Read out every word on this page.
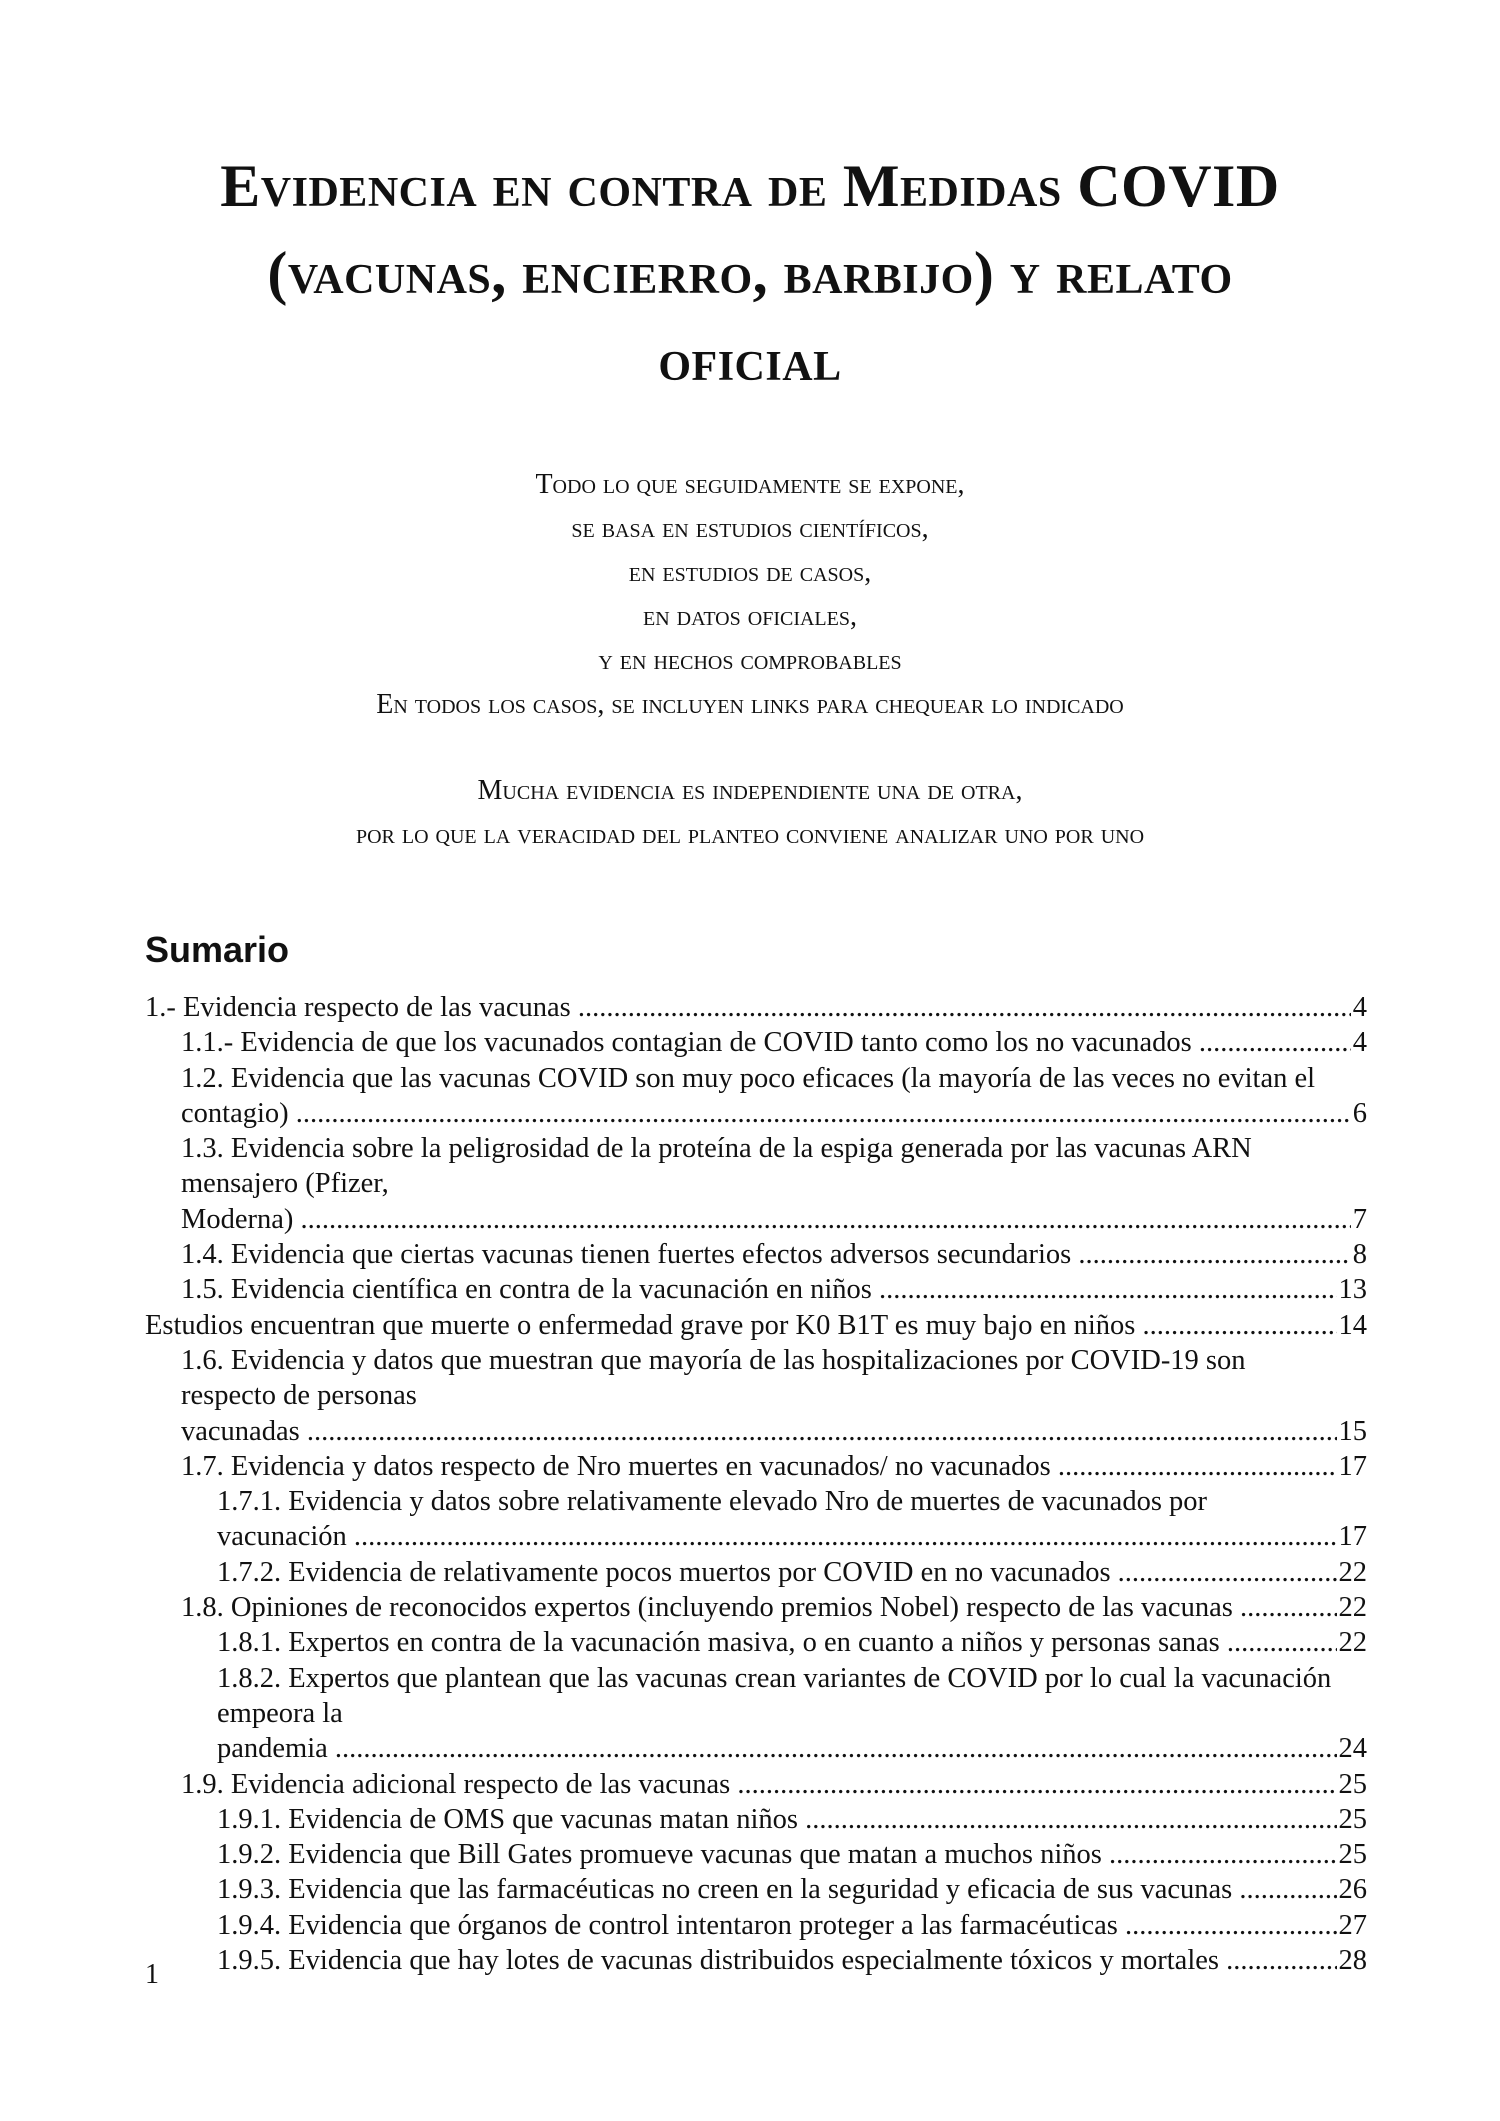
Evidencia en contra de Medidas COVID
(vacunas, encierro, barbijo) y relato
oficial
Todo lo que seguidamente se expone,
se basa en estudios científicos,
en estudios de casos,
en datos oficiales,
y en hechos comprobables
En todos los casos, se incluyen links para chequear lo indicado
Mucha evidencia es independiente una de otra,
por lo que la veracidad del planteo conviene analizar uno por uno
Sumario
1.- Evidencia respecto de las vacunas .....	4
1.1.- Evidencia de que los vacunados contagian de COVID tanto como los no vacunados .....	4
1.2. Evidencia que las vacunas COVID son muy poco eficaces (la mayoría de las veces no evitan el contagio) .....	6
1.3. Evidencia sobre la peligrosidad de la proteína de la espiga generada por las vacunas ARN mensajero (Pfizer, Moderna) .....	7
1.4. Evidencia que ciertas vacunas tienen fuertes efectos adversos secundarios .....	8
1.5. Evidencia científica en contra de la vacunación en niños .....	13
Estudios encuentran que muerte o enfermedad grave por K0 B1T es muy bajo en niños .....	14
1.6. Evidencia y datos que muestran que mayoría de las hospitalizaciones por COVID-19 son respecto de personas vacunadas .....	15
1.7. Evidencia y datos respecto de Nro muertes en vacunados/ no vacunados .....	17
1.7.1. Evidencia y datos sobre relativamente elevado Nro de muertes de vacunados por vacunación .....	17
1.7.2. Evidencia de relativamente pocos muertos por COVID en no vacunados .....	22
1.8. Opiniones de reconocidos expertos (incluyendo premios Nobel) respecto de las vacunas .....	22
1.8.1. Expertos en contra de la vacunación masiva, o en cuanto a niños y personas sanas .....	22
1.8.2. Expertos que plantean que las vacunas crean variantes de COVID por lo cual la vacunación empeora la pandemia .....	24
1.9. Evidencia adicional respecto de las vacunas .....	25
1.9.1. Evidencia de OMS que vacunas matan niños .....	25
1.9.2. Evidencia que Bill Gates promueve vacunas que matan a muchos niños .....	25
1.9.3. Evidencia que las farmacéuticas no creen en la seguridad y eficacia de sus vacunas .....	26
1.9.4. Evidencia que órganos de control intentaron proteger a las farmacéuticas .....	27
1.9.5. Evidencia que hay lotes de vacunas distribuidos especialmente tóxicos y mortales .....	28
1
